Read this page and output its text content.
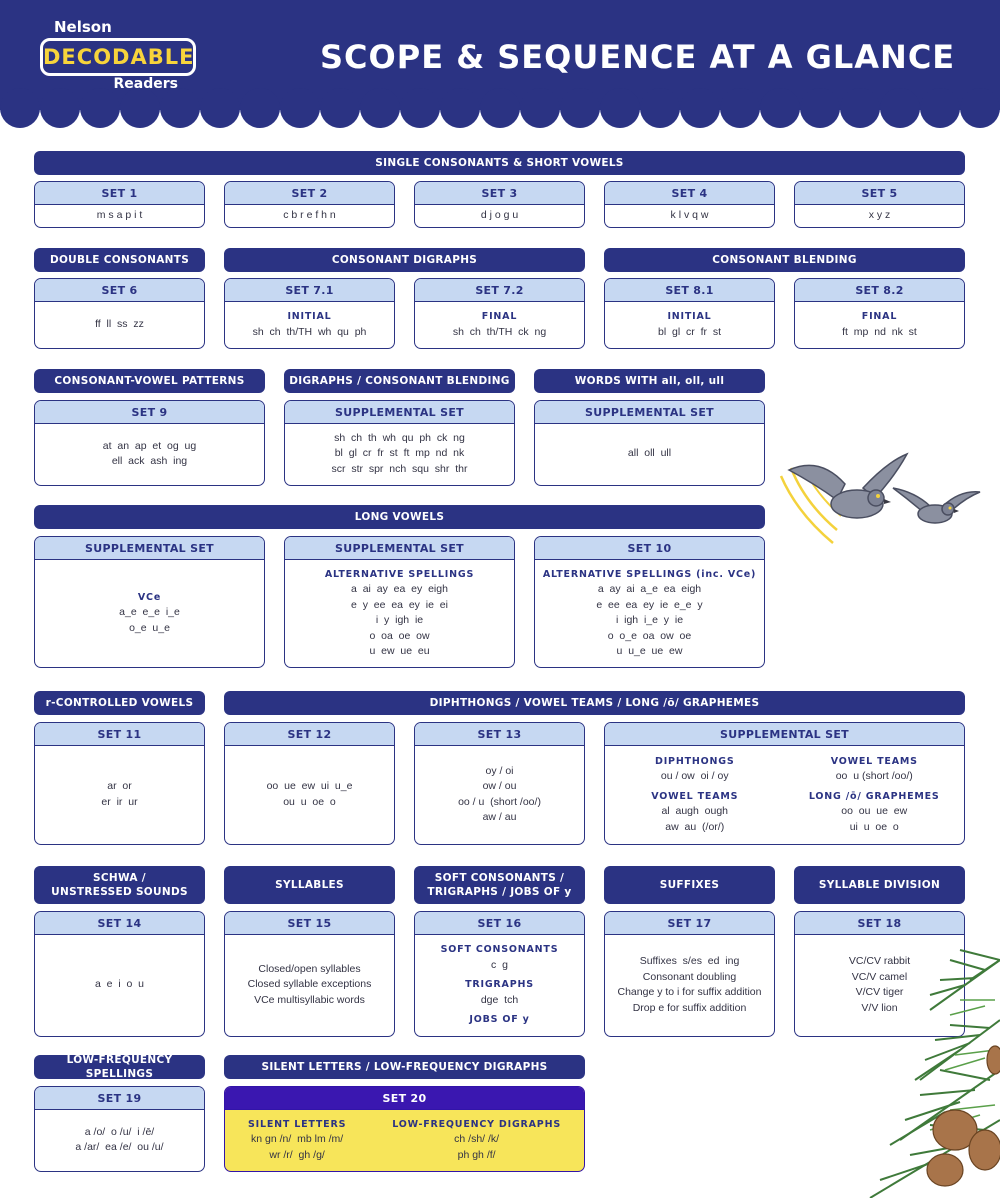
Nelson
DECODABLE
Readers
SCOPE & SEQUENCE AT A GLANCE
SINGLE CONSONANTS & SHORT VOWELS
SET 1
m s a p i t
SET 2
c b r e f h n
SET 3
d j o g u
SET 4
k l v q w
SET 5
x y z
DOUBLE CONSONANTS	CONSONANT DIGRAPHS	CONSONANT BLENDING
SET 6
ff  ll  ss  zz
SET 7.1
INITIAL
sh  ch  th/TH  wh  qu  ph
SET 7.2
FINAL
sh  ch  th/TH  ck  ng
SET 8.1
INITIAL
bl  gl  cr  fr  st
SET 8.2
FINAL
ft  mp  nd  nk  st
CONSONANT-VOWEL PATTERNS	DIGRAPHS / CONSONANT BLENDING	WORDS WITH all, oll, ull
SET 9
at  an  ap  et  og  ug
ell  ack  ash  ing
SUPPLEMENTAL SET
sh  ch  th  wh  qu  ph  ck  ng
bl  gl  cr  fr  st  ft  mp  nd  nk
scr  str  spr  nch  squ  shr  thr
SUPPLEMENTAL SET
all  oll  ull
LONG VOWELS
SUPPLEMENTAL SET
VCe
a_e  e_e  i_e
o_e  u_e
SUPPLEMENTAL SET
ALTERNATIVE SPELLINGS
a  ai  ay  ea  ey  eigh
e  y  ee  ea  ey  ie  ei
i  y  igh  ie
o  oa  oe  ow
u  ew  ue  eu
SET 10
ALTERNATIVE SPELLINGS (inc. VCe)
a  ay  ai  a_e  ea  eigh
e  ee  ea  ey  ie  e_e  y
i  igh  i_e  y  ie
o  o_e  oa  ow  oe
u  u_e  ue  ew
r-CONTROLLED VOWELS	DIPHTHONGS / VOWEL TEAMS / LONG /ō/ GRAPHEMES
SET 11
ar  or
er  ir  ur
SET 12
oo  ue  ew  ui  u_e
ou  u  oe  o
SET 13
oy / oi
ow / ou
oo / u  (short /oo/)
aw / au
SUPPLEMENTAL SET
DIPHTHONGS
ou / ow  oi / oy
VOWEL TEAMS
oo  u (short /oo/)
VOWEL TEAMS
al  augh  ough
aw  au  (/or/)
LONG /ō/ GRAPHEMES
oo  ou  ue  ew
ui  u  oe  o
SCHWA /
UNSTRESSED SOUNDS
SYLLABLES
SOFT CONSONANTS /
TRIGRAPHS / JOBS OF y
SUFFIXES	SYLLABLE DIVISION
SET 14
a  e  i  o  u
SET 15
Closed/open syllables
Closed syllable exceptions
VCe multisyllabic words
SET 16
SOFT CONSONANTS
c  g
TRIGRAPHS
dge  tch
JOBS OF y
SET 17
Suffixes  s/es  ed  ing
Consonant doubling
Change y to i for suffix addition
Drop e for suffix addition
SET 18
VC/CV rabbit
VC/V camel
V/CV tiger
V/V lion
LOW-FREQUENCY SPELLINGS
SILENT LETTERS / LOW-FREQUENCY DIGRAPHS
SET 19
a /o/  o /u/  i /ē/
a /ar/  ea /e/  ou /u/
SET 20
SILENT LETTERS
kn gn /n/  mb lm /m/
wr /r/  gh /g/
LOW-FREQUENCY DIGRAPHS
ch /sh/ /k/
ph gh /f/
